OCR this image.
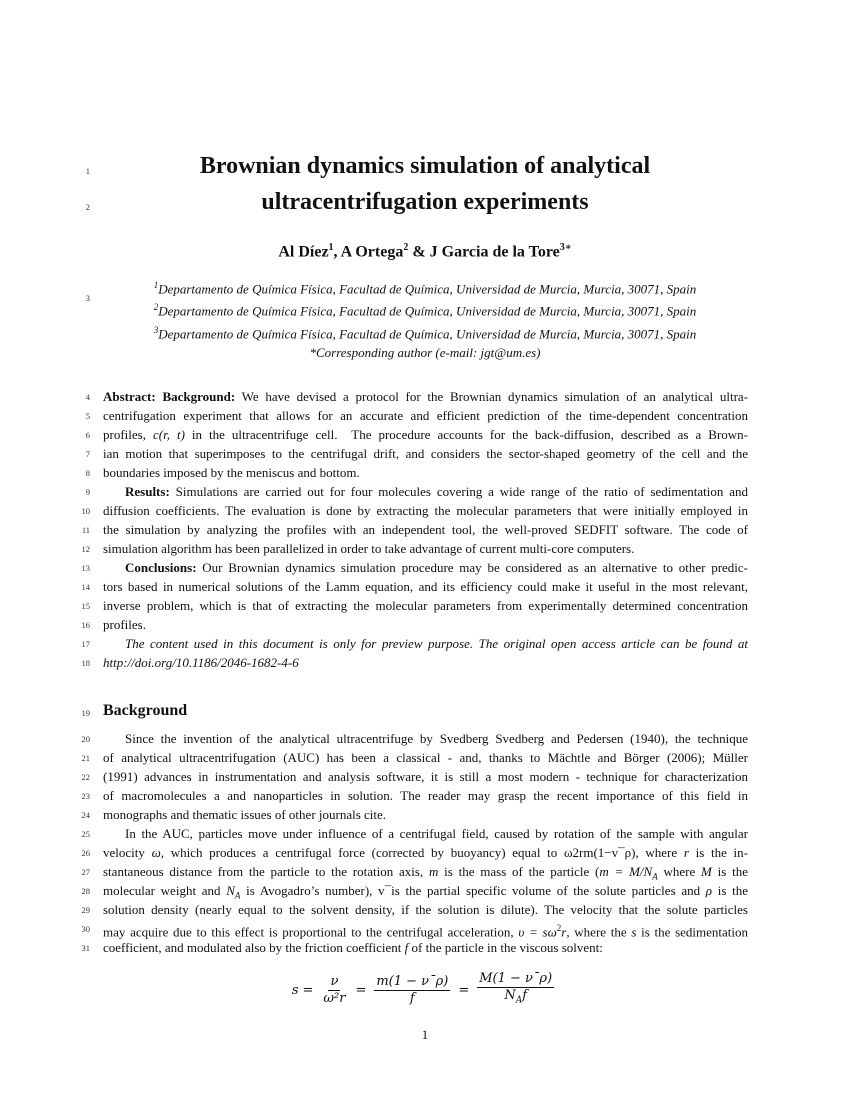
1
2
3
4
5
6
7
8
9
10
11
12
13
14
15
16
17
18
19
20
21
22
23
24
25
26
27
28
29
30
31
Brownian dynamics simulation of analytical
ultracentrifugation experiments
Al Díez$^1$, A Ortega$^2$ & J Garcia de la Tore$^{3∗}$
$^1$Departamento de Química Física, Facultad de Química, Universidad de Murcia, Murcia, 30071, Spain
$^2$Departamento de Química Física, Facultad de Química, Universidad de Murcia, Murcia, 30071, Spain
$^3$Departamento de Química Física, Facultad de Química, Universidad de Murcia, Murcia, 30071, Spain
*Corresponding author (e-mail: jgt@um.es)
Abstract: Background: We have devised a protocol for the Brownian dynamics simulation of an analytical ultra-
centrifugation experiment that allows for an accurate and efficient prediction of the time-dependent concentration
profiles, c(r, t) in the ultracentrifuge cell.  The procedure accounts for the back-diffusion, described as a Brown-
ian motion that superimposes to the centrifugal drift, and considers the sector-shaped geometry of the cell and the
boundaries imposed by the meniscus and bottom.
Results: Simulations are carried out for four molecules covering a wide range of the ratio of sedimentation and
diffusion coefficients. The evaluation is done by extracting the molecular parameters that were initially employed in
the simulation by analyzing the profiles with an independent tool, the well-proved SEDFIT software. The code of
simulation algorithm has been parallelized in order to take advantage of current multi-core computers.
Conclusions: Our Brownian dynamics simulation procedure may be considered as an alternative to other predic-
tors based in numerical solutions of the Lamm equation, and its efficiency could make it useful in the most relevant,
inverse problem, which is that of extracting the molecular parameters from experimentally determined concentration
profiles.
The content used in this document is only for preview purpose. The original open access article can be found at
http://doi.org/10.1186/2046-1682-4-6
Background
Since the invention of the analytical ultracentrifuge by Svedberg Svedberg and Pedersen (1940), the technique
of analytical ultracentrifugation (AUC) has been a classical - and, thanks to Mächtle and Börger (2006); Müller
(1991) advances in instrumentation and analysis software, it is still a most modern - technique for characterization
of macromolecules a and nanoparticles in solution. The reader may grasp the recent importance of this field in
monographs and thematic issues of other journals cite.
In the AUC, particles move under influence of a centrifugal field, caused by rotation of the sample with angular
velocity ω, which produces a centrifugal force (corrected by buoyancy) equal to ω2rm(1−v¯ρ), where r is the in-
stantaneous distance from the particle to the rotation axis, m is the mass of the particle ($m = M/N_A$ where M is the
molecular weight and $N_A$ is Avogadro’s number), v¯is the partial specific volume of the solute particles and ρ is the
solution density (nearly equal to the solvent density, if the solution is dilute). The velocity that the solute particles
may acquire due to this effect is proportional to the centrifugal acceleration, $\upsilon = s\omega^2r$, where the s is the sedimentation
coefficient, and modulated also by the friction coefficient f of the particle in the viscous solvent:
$s = \frac{\nu}{\text{ω²r}} = \frac{m(1 - \nu¯\rho)}{f} = \frac{M(1 - \nu¯\rho)}{N_Af}$
1
